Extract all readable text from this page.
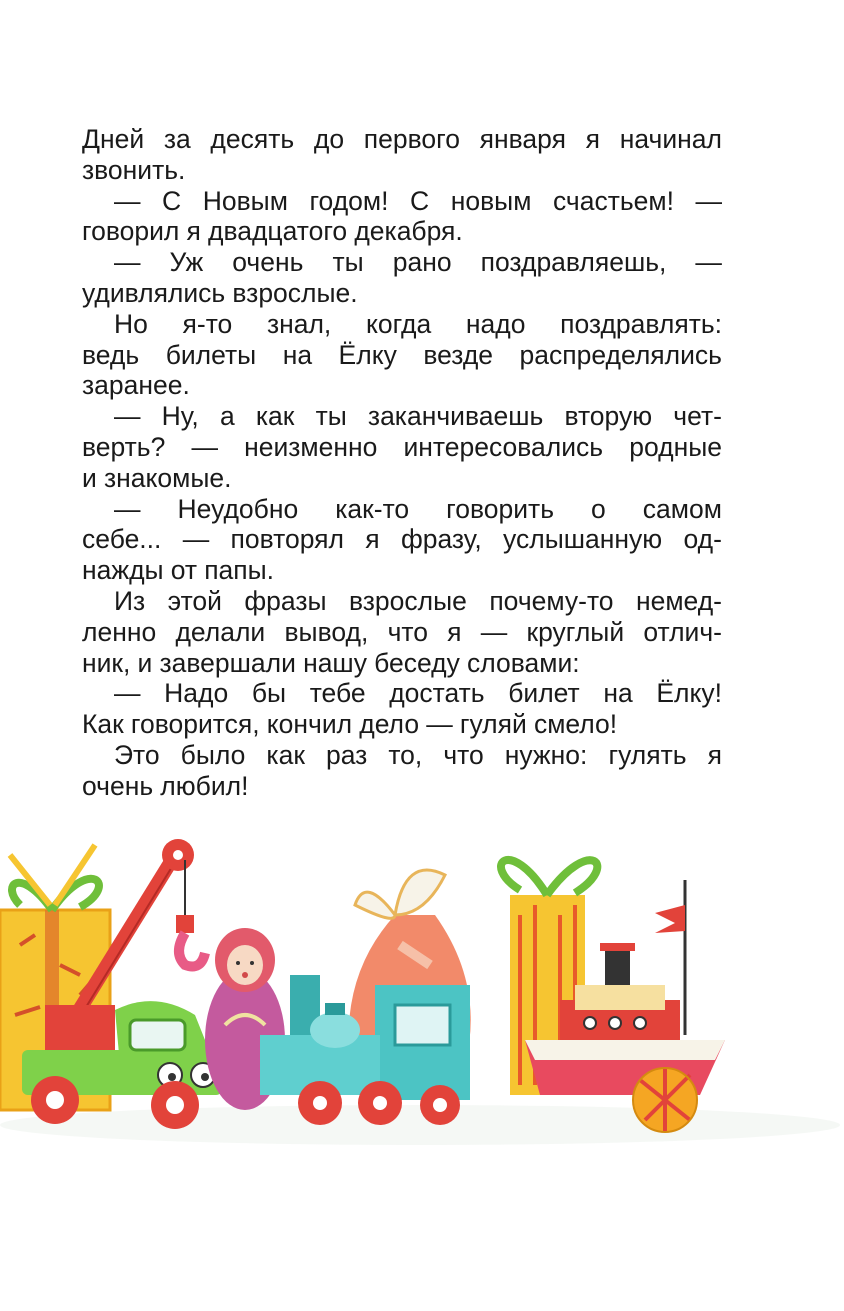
Дней за десять до первого января я начинал
звонить.
— С Новым годом! С новым счастьем! —
говорил я двадцатого декабря.
— Уж очень ты рано поздравляешь, —
удивлялись взрослые.
Но я-то знал, когда надо поздравлять:
ведь билеты на Ёлку везде распределялись
заранее.
— Ну, а как ты заканчиваешь вторую чет-
верть? — неизменно интересовались родные
и знакомые.
— Неудобно как-то говорить о самом
себе... — повторял я фразу, услышанную од-
нажды от папы.
Из этой фразы взрослые почему-то немед-
ленно делали вывод, что я — круглый отлич-
ник, и завершали нашу беседу словами:
— Надо бы тебе достать билет на Ёлку!
Как говорится, кончил дело — гуляй смело!
Это было как раз то, что нужно: гулять я
очень любил!
